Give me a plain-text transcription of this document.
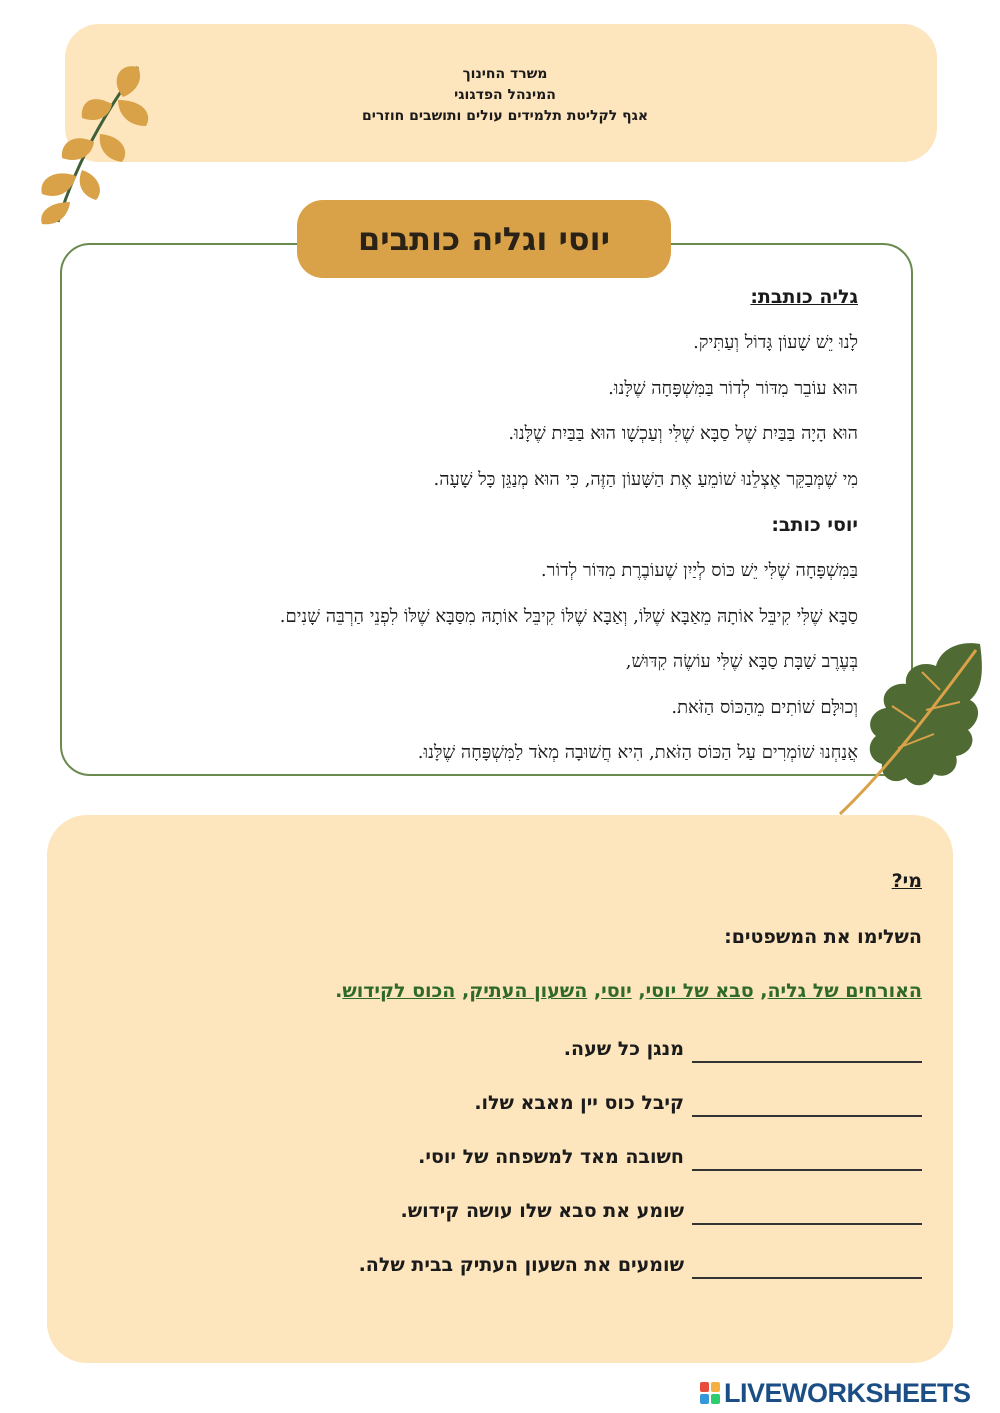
משרד החינוך
המינהל הפדגוגי
אגף לקליטת תלמידים עולים ותושבים חוזרים
יוסי וגליה כותבים
גליה כותבת:
לָנוּ יֵשׁ שָׁעוֹן גָּדוֹל וְעַתִּיק.
הוּא עוֹבֵר מִדּוֹר לְדוֹר בַּמִּשְׁפָּחָה שֶׁלָּנוּ.
הוּא הָיָה בַּבַּיִת שֶׁל סַבָּא שֶׁלִּי וְעַכְשָׁו הוּא בַּבַּיִת שֶׁלָּנוּ.
מִי שֶׁמְּבַקֵּר אֶצְלֵנוּ שׁוֹמֵעַ אֶת הַשָּׁעוֹן הַזֶּה, כִּי הוּא מְנַגֵּן כָּל שָׁעָה.
יוסי כותב:
בַּמִּשְׁפָּחָה שֶׁלִּי יֵשׁ כּוֹס לְיַיִן שֶׁעוֹבֶרֶת מִדּוֹר לְדוֹר.
סַבָּא שֶׁלִּי קִיבֵּל אוֹתָהּ מֵאַבָּא שֶׁלּוֹ, וְאַבָּא שֶׁלּוֹ קִיבֵּל אוֹתָהּ מִסַּבָּא שֶׁלּוֹ לִפְנֵי הַרְבֵּה שָׁנִים.
בְּעֶרֶב שַׁבָּת סַבָּא שֶׁלִּי עוֹשֶׂה קִדּוּשׁ,
וְכוּלָּם שׁוֹתִים מֵהַכּוֹס הַזֹּאת.
אֲנַחְנוּ שׁוֹמְרִים עַל הַכּוֹס הַזֹּאת, הִיא חֲשׁוּבָה מְאֹד לַמִּשְׁפָּחָה שֶׁלָּנוּ.
מי?
השלימו את המשפטים:
האורחים של גליה, סבא של יוסי, יוסי, השעון העתיק, הכוס לקידוש.
מנגן כל שעה.
קיבל כוס יין מאבא שלו.
חשובה מאד למשפחה של יוסי.
שומע את סבא שלו עושה קידוש.
שומעים את השעון העתיק בבית שלה.
LIVEWORKSHEETS
